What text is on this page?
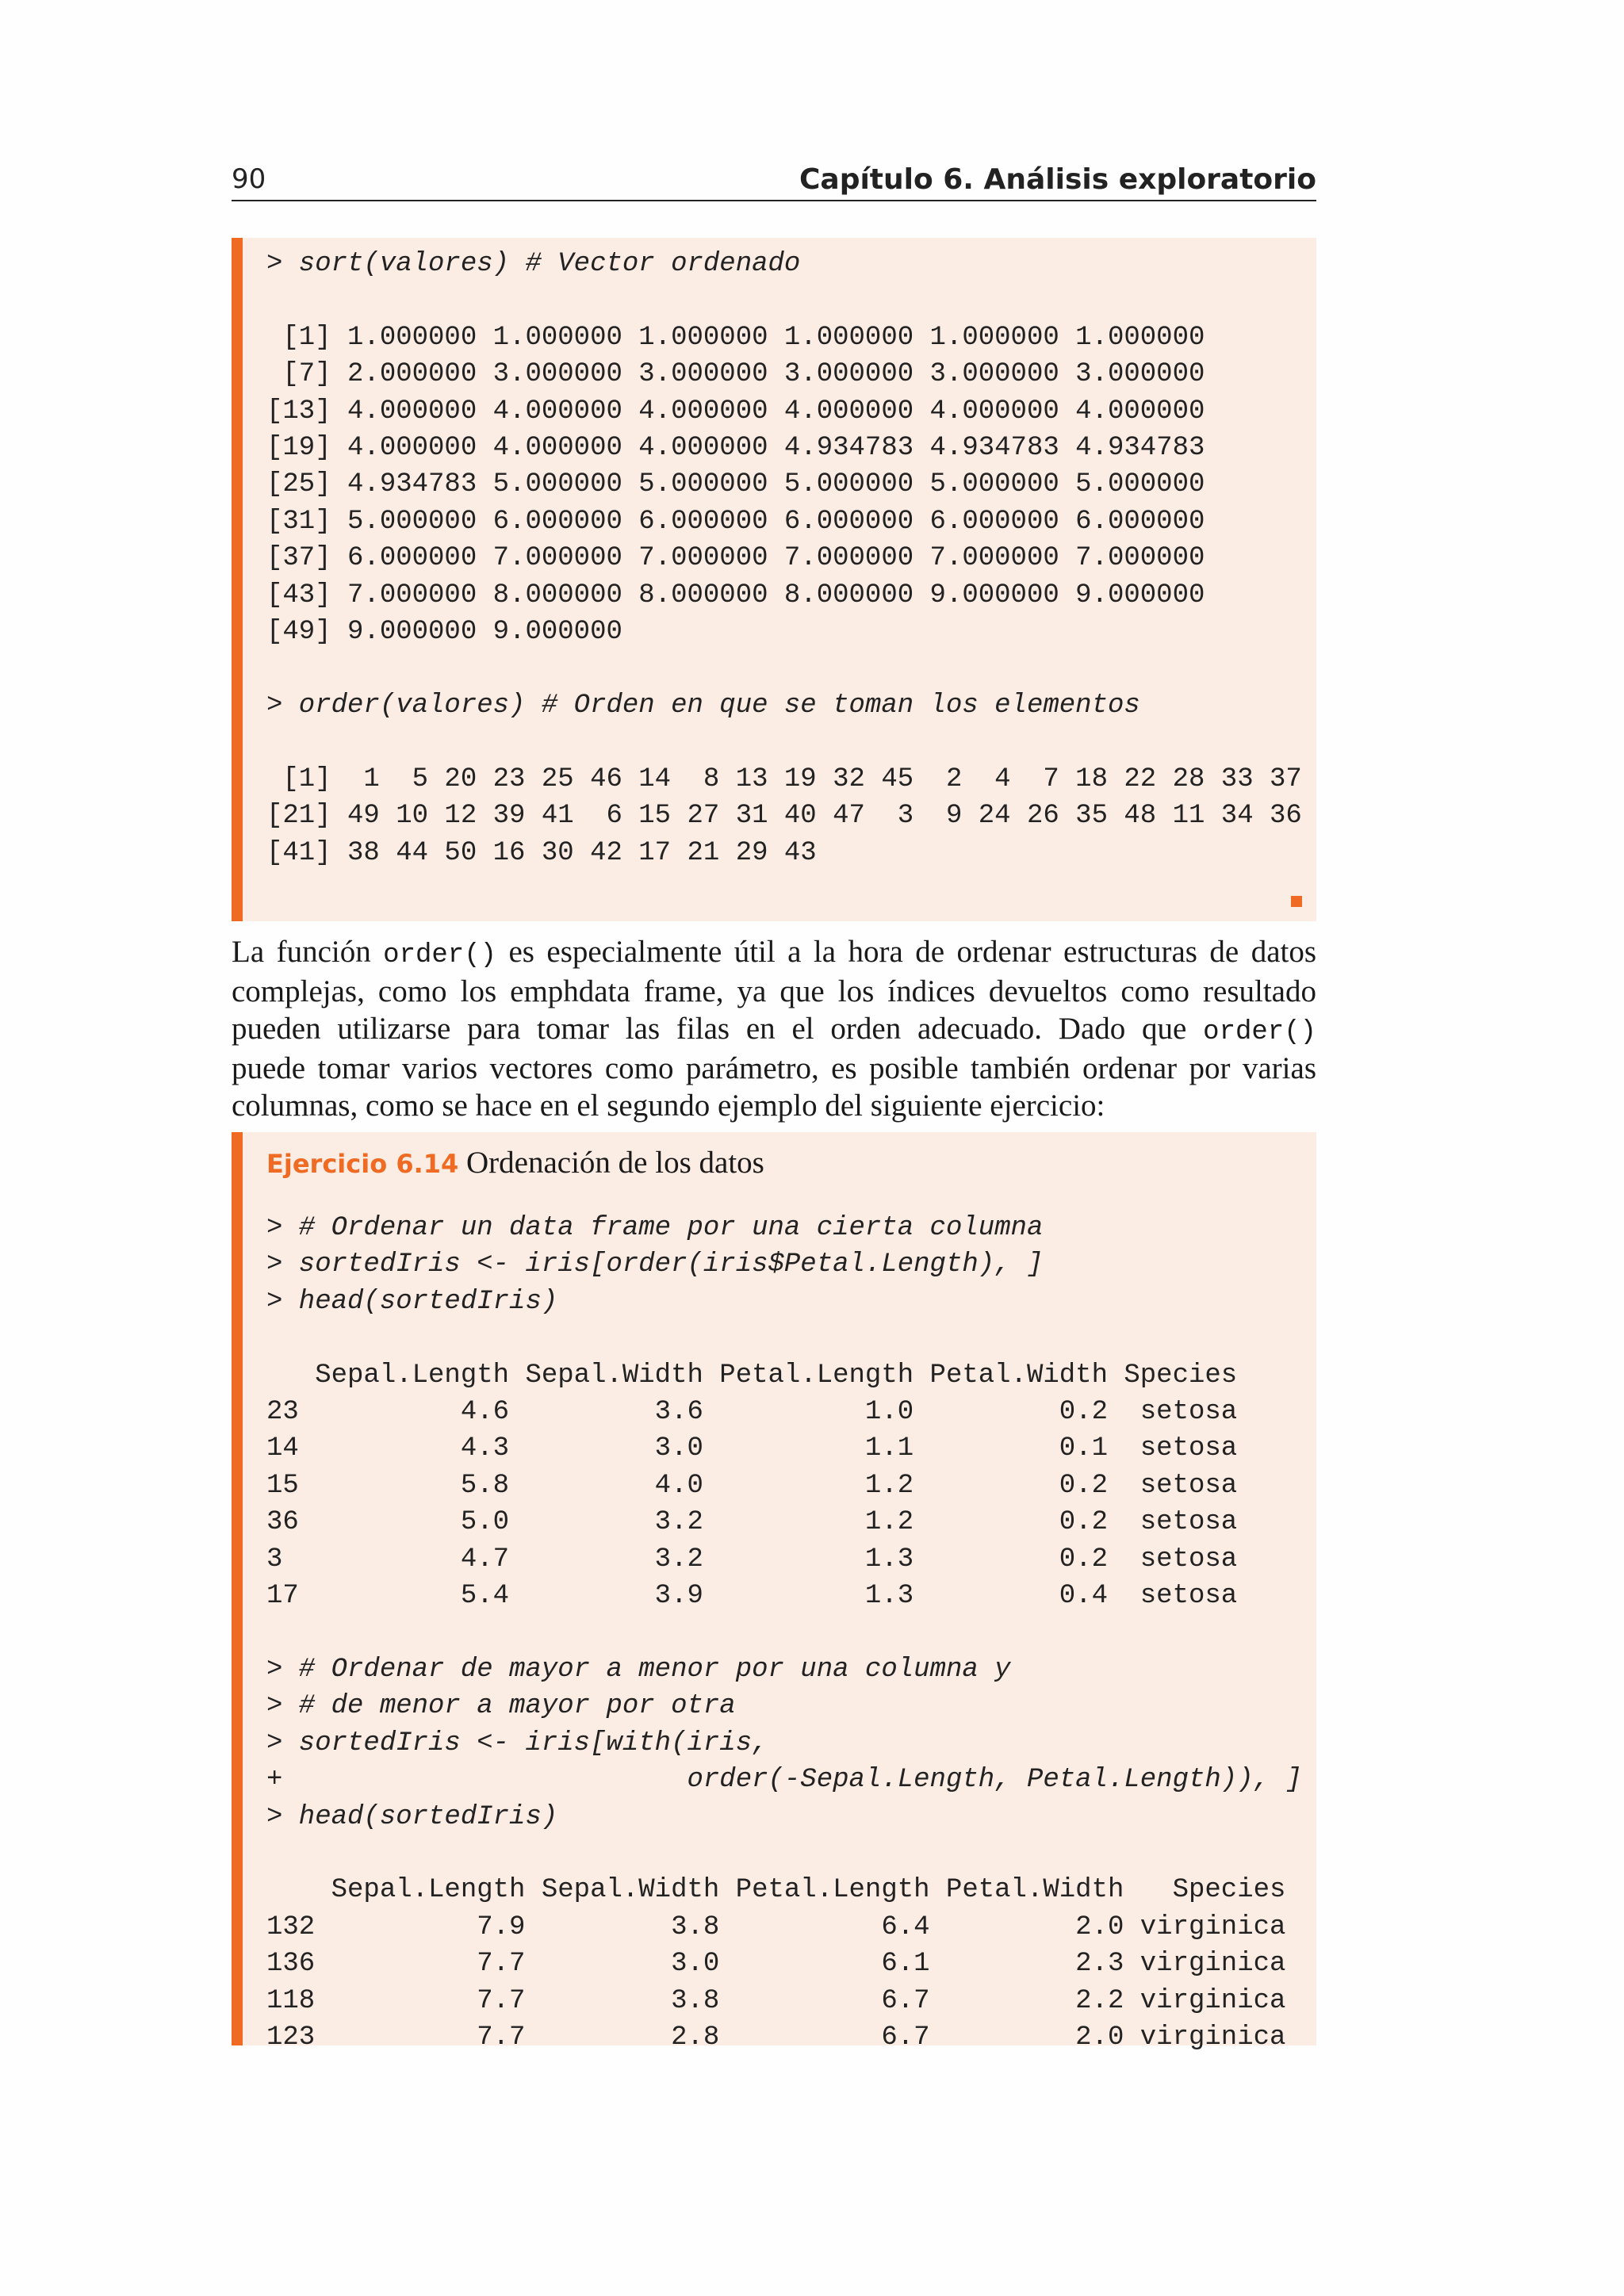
90	Capítulo 6. Análisis exploratorio
> sort(valores) # Vector ordenado

[1] 1.000000 1.000000 1.000000 1.000000 1.000000 1.000000
[7] 2.000000 3.000000 3.000000 3.000000 3.000000 3.000000
[13] 4.000000 4.000000 4.000000 4.000000 4.000000 4.000000
[19] 4.000000 4.000000 4.000000 4.934783 4.934783 4.934783
[25] 4.934783 5.000000 5.000000 5.000000 5.000000 5.000000
[31] 5.000000 6.000000 6.000000 6.000000 6.000000 6.000000
[37] 6.000000 7.000000 7.000000 7.000000 7.000000 7.000000
[43] 7.000000 8.000000 8.000000 8.000000 9.000000 9.000000
[49] 9.000000 9.000000

> order(valores) # Orden en que se toman los elementos

[1]  1  5 20 23 25 46 14  8 13 19 32 45  2  4  7 18 22 28 33 37
[21] 49 10 12 39 41  6 15 27 31 40 47  3  9 24 26 35 48 11 34 36
[41] 38 44 50 16 30 42 17 21 29 43
La función order() es especialmente útil a la hora de ordenar estructuras de datos
complejas, como los emphdata frame, ya que los índices devueltos como resultado
pueden utilizarse para tomar las filas en el orden adecuado. Dado que order()
puede tomar varios vectores como parámetro, es posible también ordenar por varias
columnas, como se hace en el segundo ejemplo del siguiente ejercicio:
Ejercicio 6.14 Ordenación de los datos
> # Ordenar un data frame por una cierta columna
> sortedIris <- iris[order(iris$Petal.Length), ]
> head(sortedIris)

Sepal.Length Sepal.Width Petal.Length Petal.Width Species
23          4.6         3.6          1.0         0.2  setosa
14          4.3         3.0          1.1         0.1  setosa
15          5.8         4.0          1.2         0.2  setosa
36          5.0         3.2          1.2         0.2  setosa
3           4.7         3.2          1.3         0.2  setosa
17          5.4         3.9          1.3         0.4  setosa

> # Ordenar de mayor a menor por una columna y
> # de menor a mayor por otra
> sortedIris <- iris[with(iris,
+                         order(-Sepal.Length, Petal.Length)), ]
> head(sortedIris)

Sepal.Length Sepal.Width Petal.Length Petal.Width   Species
132          7.9         3.8          6.4         2.0 virginica
136          7.7         3.0          6.1         2.3 virginica
118          7.7         3.8          6.7         2.2 virginica
123          7.7         2.8          6.7         2.0 virginica
